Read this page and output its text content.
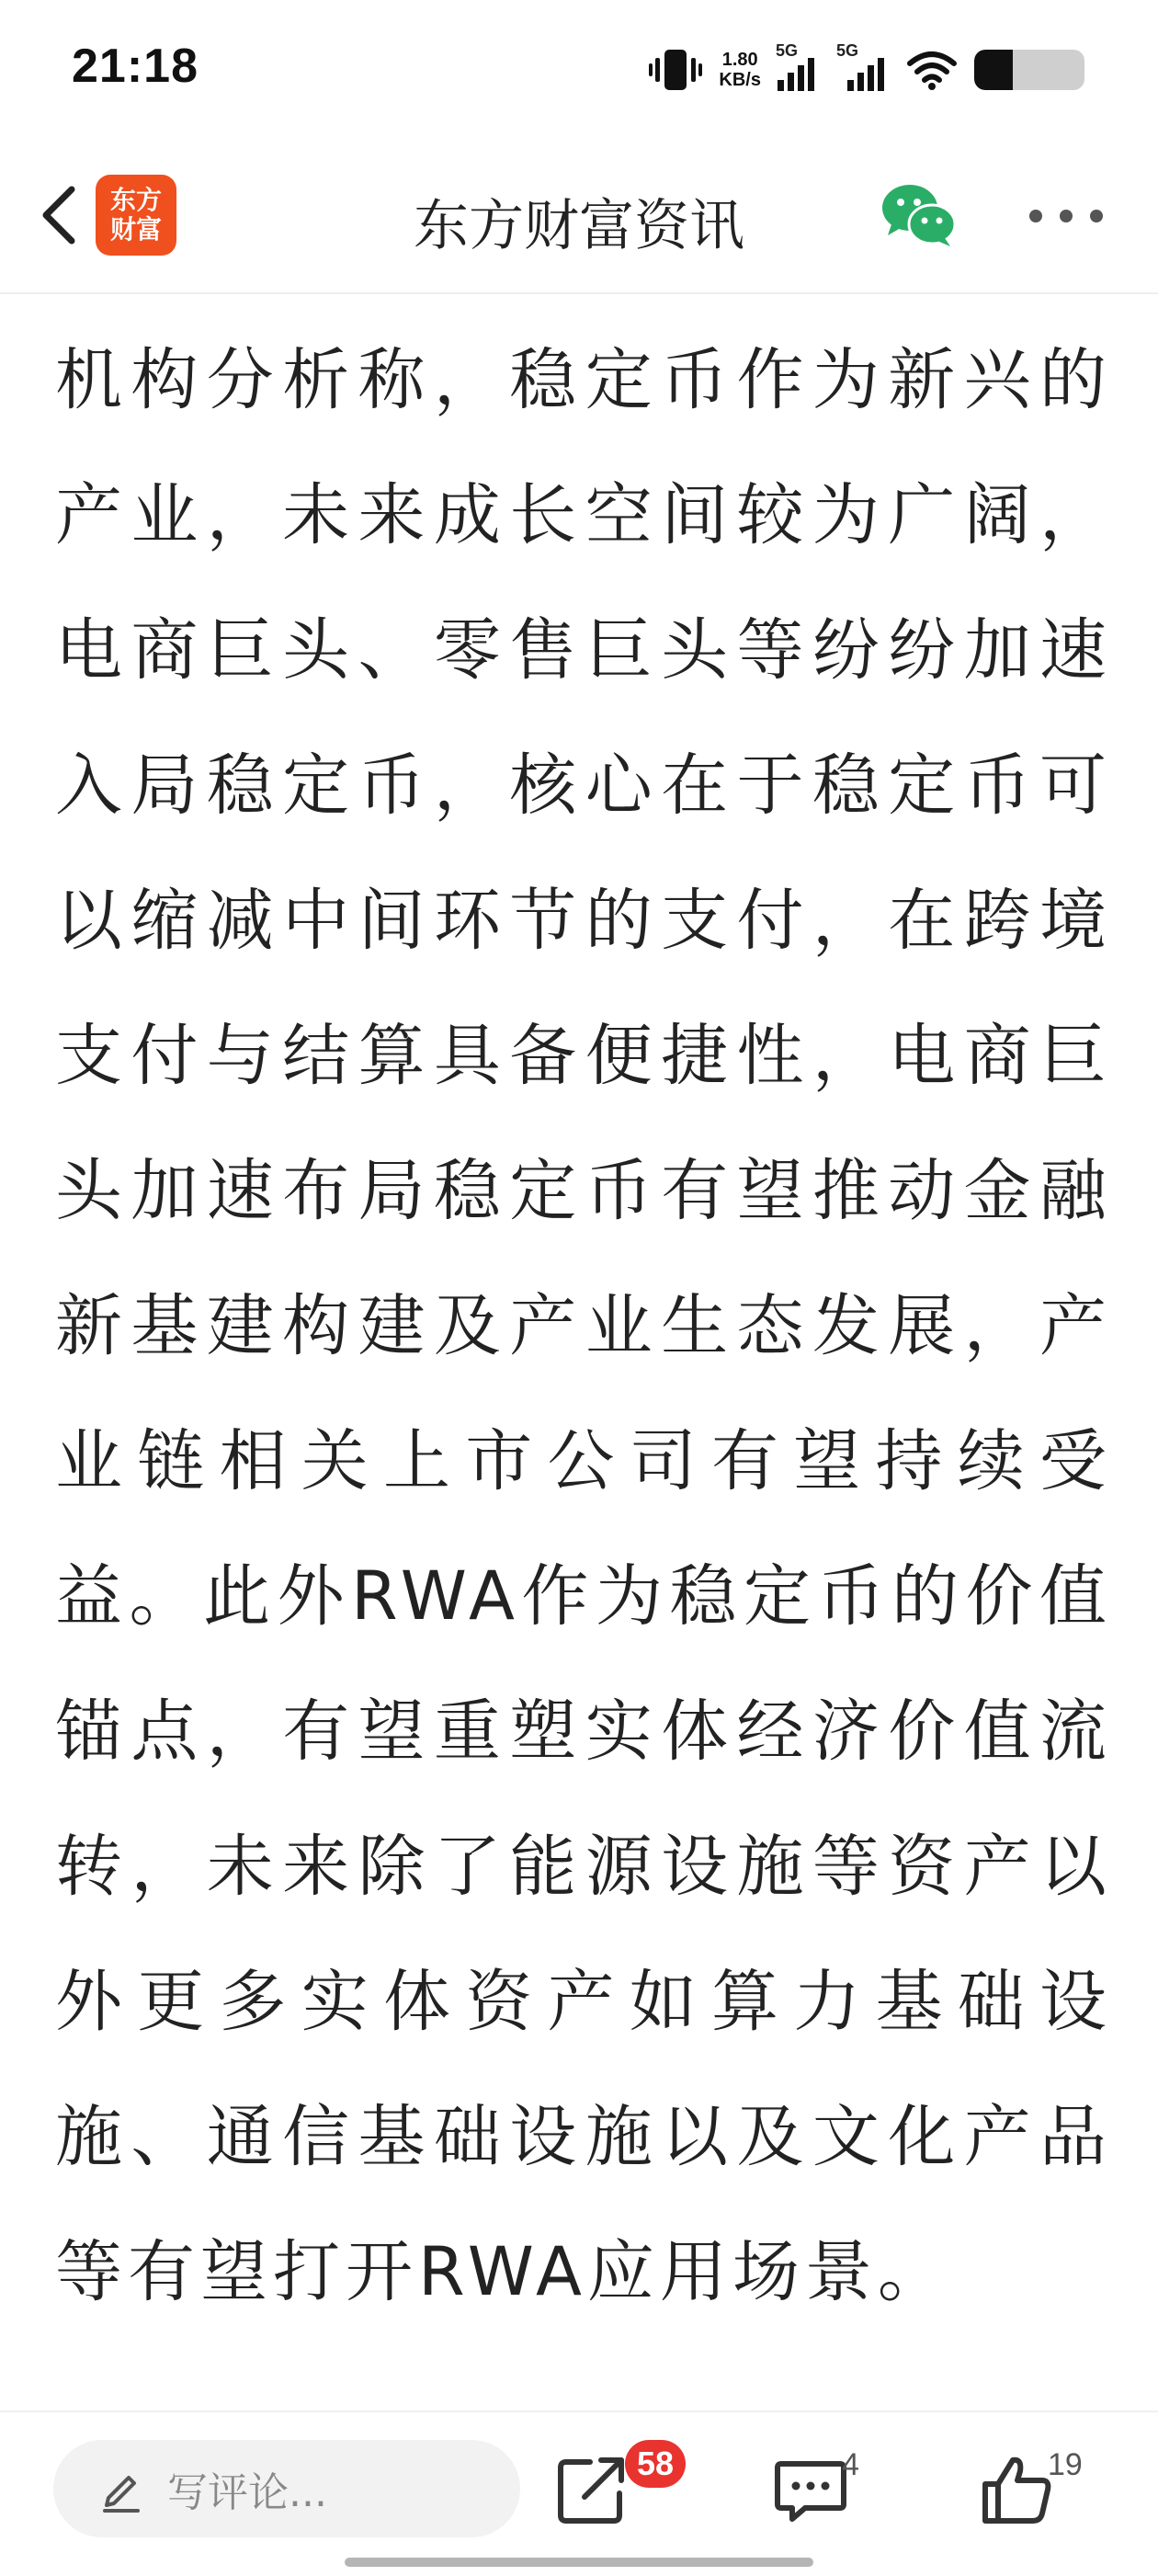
21:18	1.80
KB/s
5G 5G
东方
财富	东方财富资讯

机构分析称，稳定币作为新兴的产业，未来成长空间较为广阔，电商巨头、零售巨头等纷纷加速入局稳定币，核心在于稳定币可以缩减中间环节的支付，在跨境支付与结算具备便捷性，电商巨头加速布局稳定币有望推动金融新基建构建及产业生态发展，产业链相关上市公司有望持续受益。此外RWA作为稳定币的价值锚点，有望重塑实体经济价值流转，未来除了能源设施等资产以外更多实体资产如算力基础设施、通信基础设施以及文化产品等有望打开RWA应用场景。

写评论...
58	4	19
